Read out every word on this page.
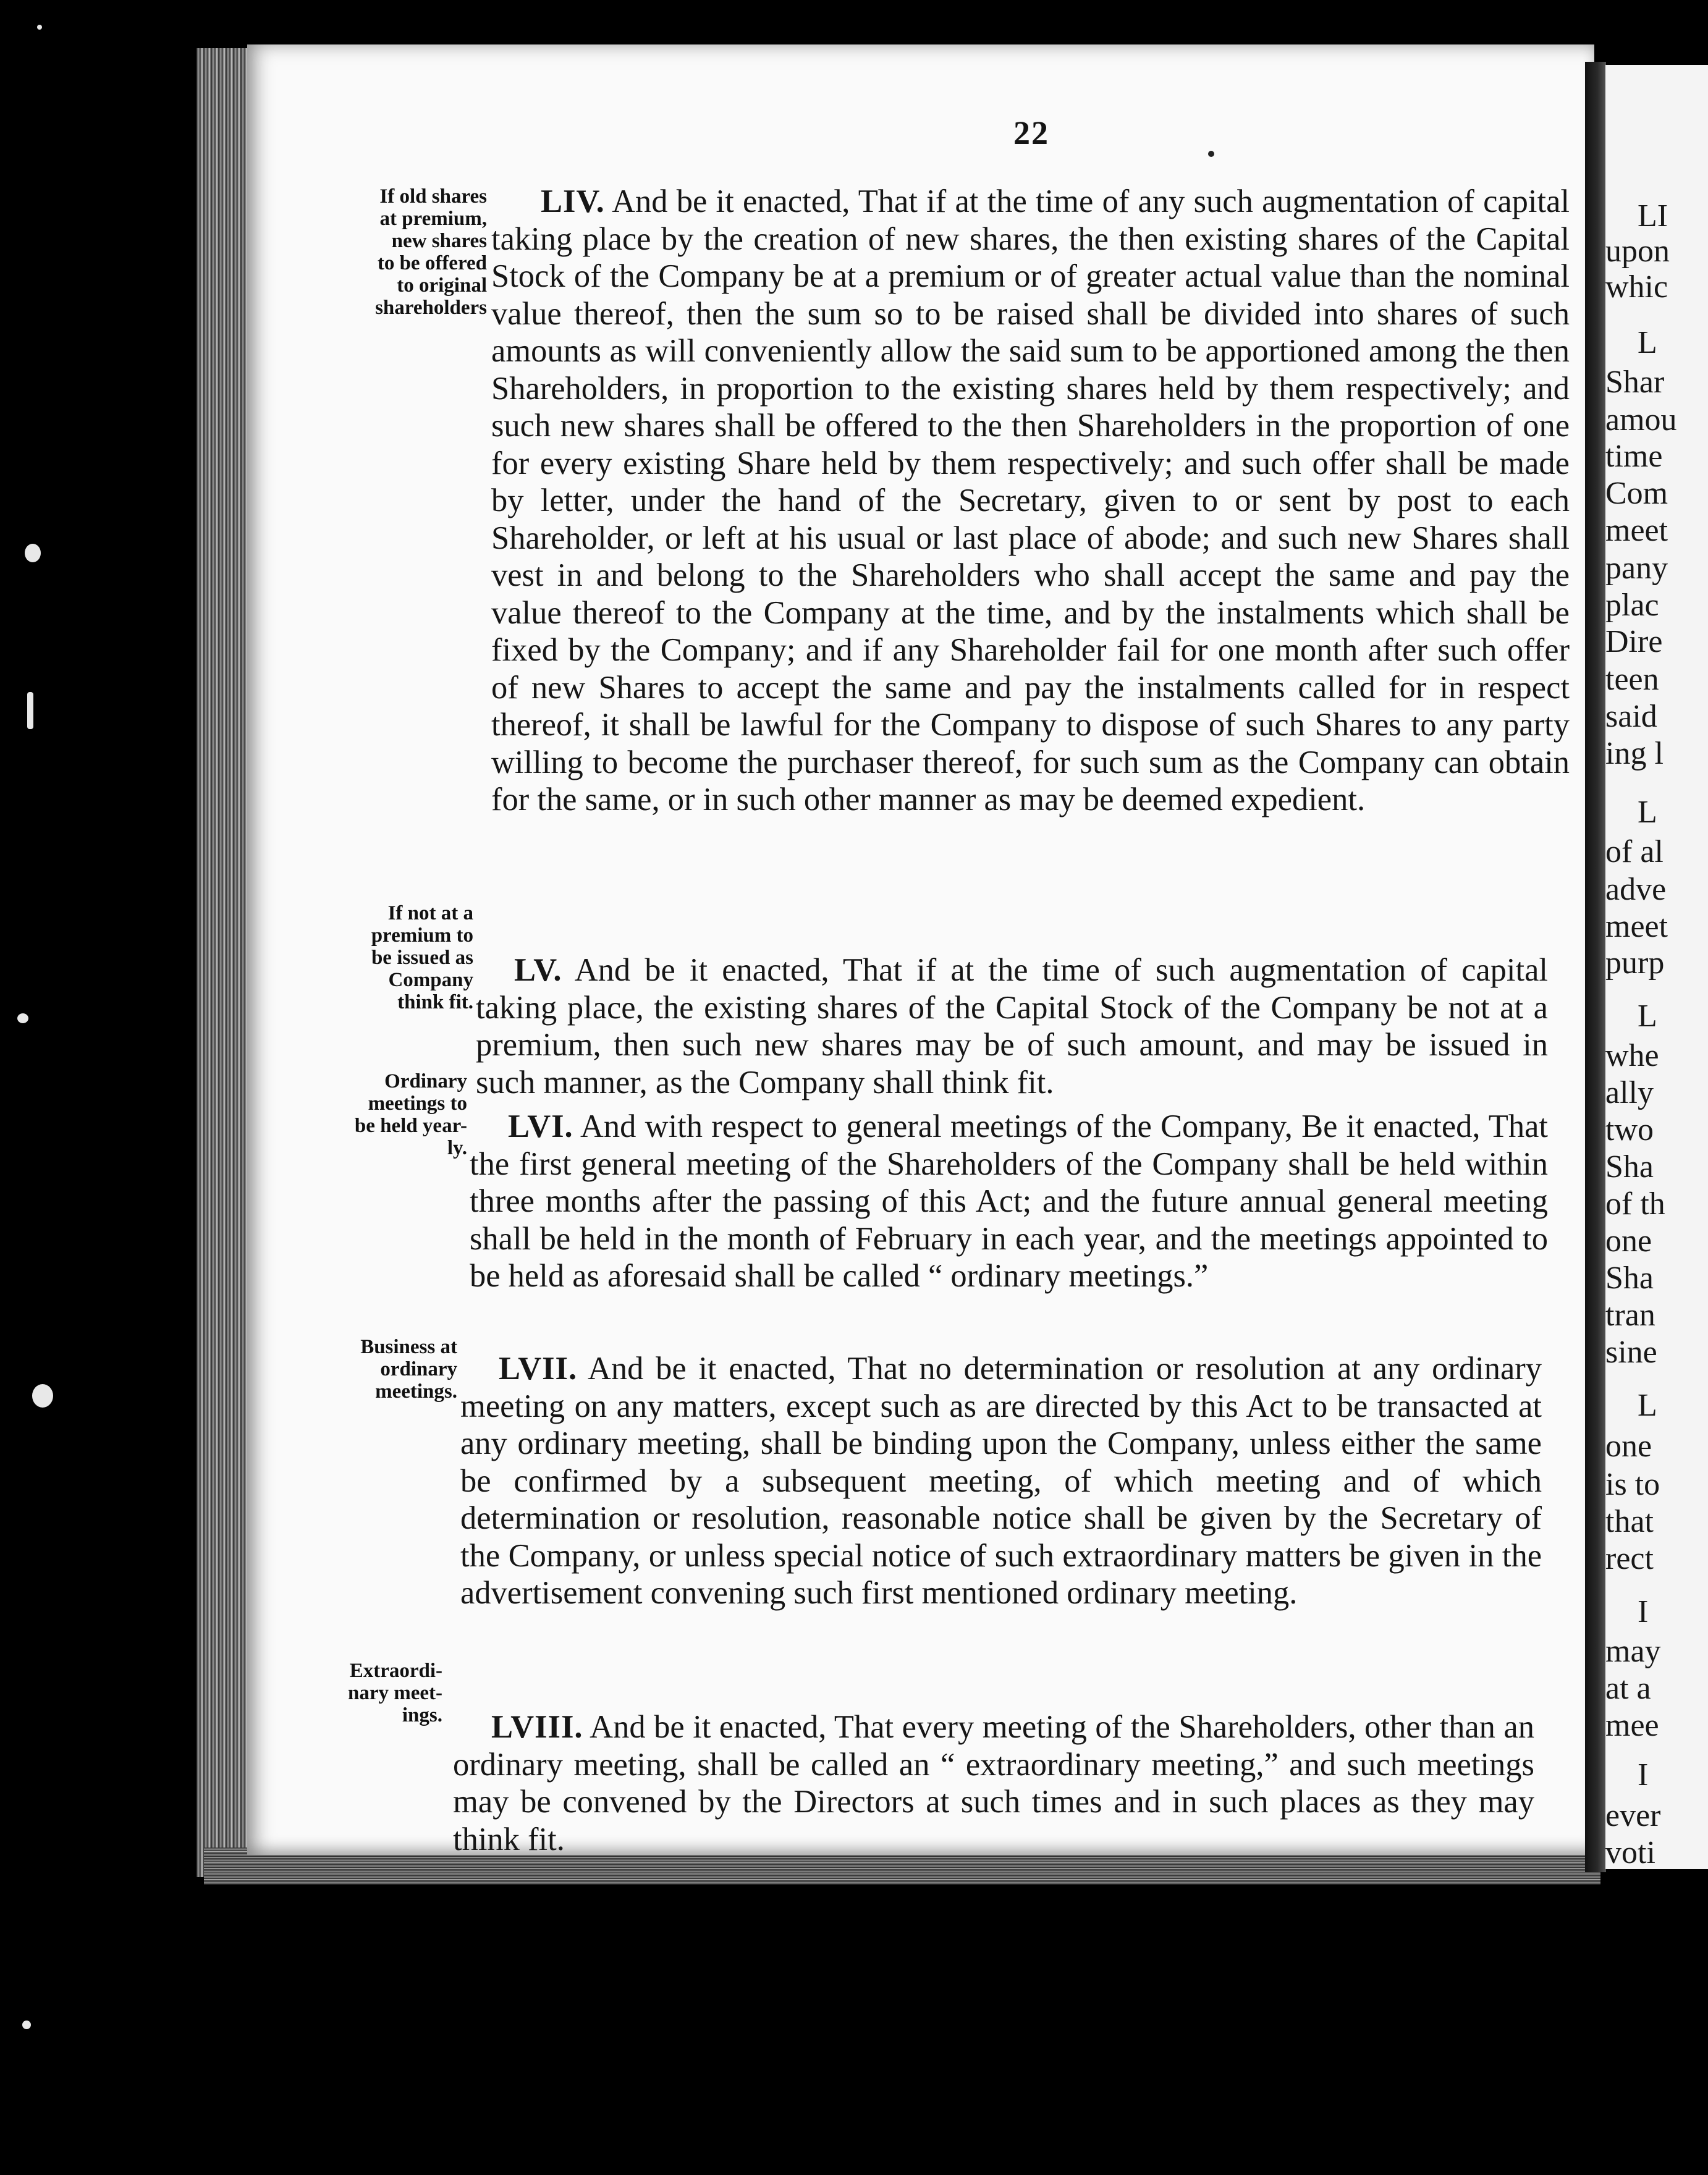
LI
upon
whic
L
Shar
amou
time
Com
meet
pany
plac
Dire
teen
said
ing l
L
of al
adve
meet
purp
L
whe
ally
two
Sha
of th
one
Sha
tran
sine
L
one
is to
that
rect
I
may
at a
mee
I
ever
voti
22
If old shares
at premium,
new shares
to be offered
to original
shareholders
If not at a
premium to
be issued as
Company
think fit.
Ordinary
meetings to
be held year-
ly.
Business at
ordinary
meetings.
Extraordi-
nary meet-
ings.
LIV. And be it enacted, That if at the time of any such augmentation of capital taking place by the creation of new shares, the then existing shares of the Capital Stock of the Company be at a premium or of greater actual value than the nominal value thereof, then the sum so to be raised shall be divided into shares of such amounts as will conveniently allow the said sum to be apportioned among the then Shareholders, in proportion to the existing shares held by them respectively; and such new shares shall be offered to the then Shareholders in the proportion of one for every existing Share held by them respectively; and such offer shall be made by letter, under the hand of the Secretary, given to or sent by post to each Shareholder, or left at his usual or last place of abode; and such new Shares shall vest in and belong to the Shareholders who shall accept the same and pay the value thereof to the Company at the time, and by the instalments which shall be fixed by the Company; and if any Shareholder fail for one month after such offer of new Shares to accept the same and pay the instalments called for in respect thereof, it shall be lawful for the Company to dispose of such Shares to any party willing to become the purchaser thereof, for such sum as the Company can obtain for the same, or in such other manner as may be deemed expedient.
LV. And be it enacted, That if at the time of such augmentation of capital taking place, the existing shares of the Capital Stock of the Company be not at a premium, then such new shares may be of such amount, and may be issued in such manner, as the Company shall think fit.
LVI. And with respect to general meetings of the Company, Be it enacted, That the first general meeting of the Shareholders of the Company shall be held within three months after the passing of this Act; and the future annual general meeting shall be held in the month of February in each year, and the meetings appointed to be held as aforesaid shall be called “ ordinary meetings.”
LVII. And be it enacted, That no determination or resolution at any ordinary meeting on any matters, except such as are directed by this Act to be transacted at any ordinary meeting, shall be binding upon the Company, unless either the same be confirmed by a subsequent meeting, of which meeting and of which determination or resolution, reasonable notice shall be given by the Secretary of the Company, or unless special notice of such extraordinary matters be given in the advertisement convening such first mentioned ordinary meeting.
LVIII. And be it enacted, That every meeting of the Shareholders, other than an ordinary meeting, shall be called an “ extraordinary meeting,” and such meetings may be convened by the Directors at such times and in such places as they may think fit.
